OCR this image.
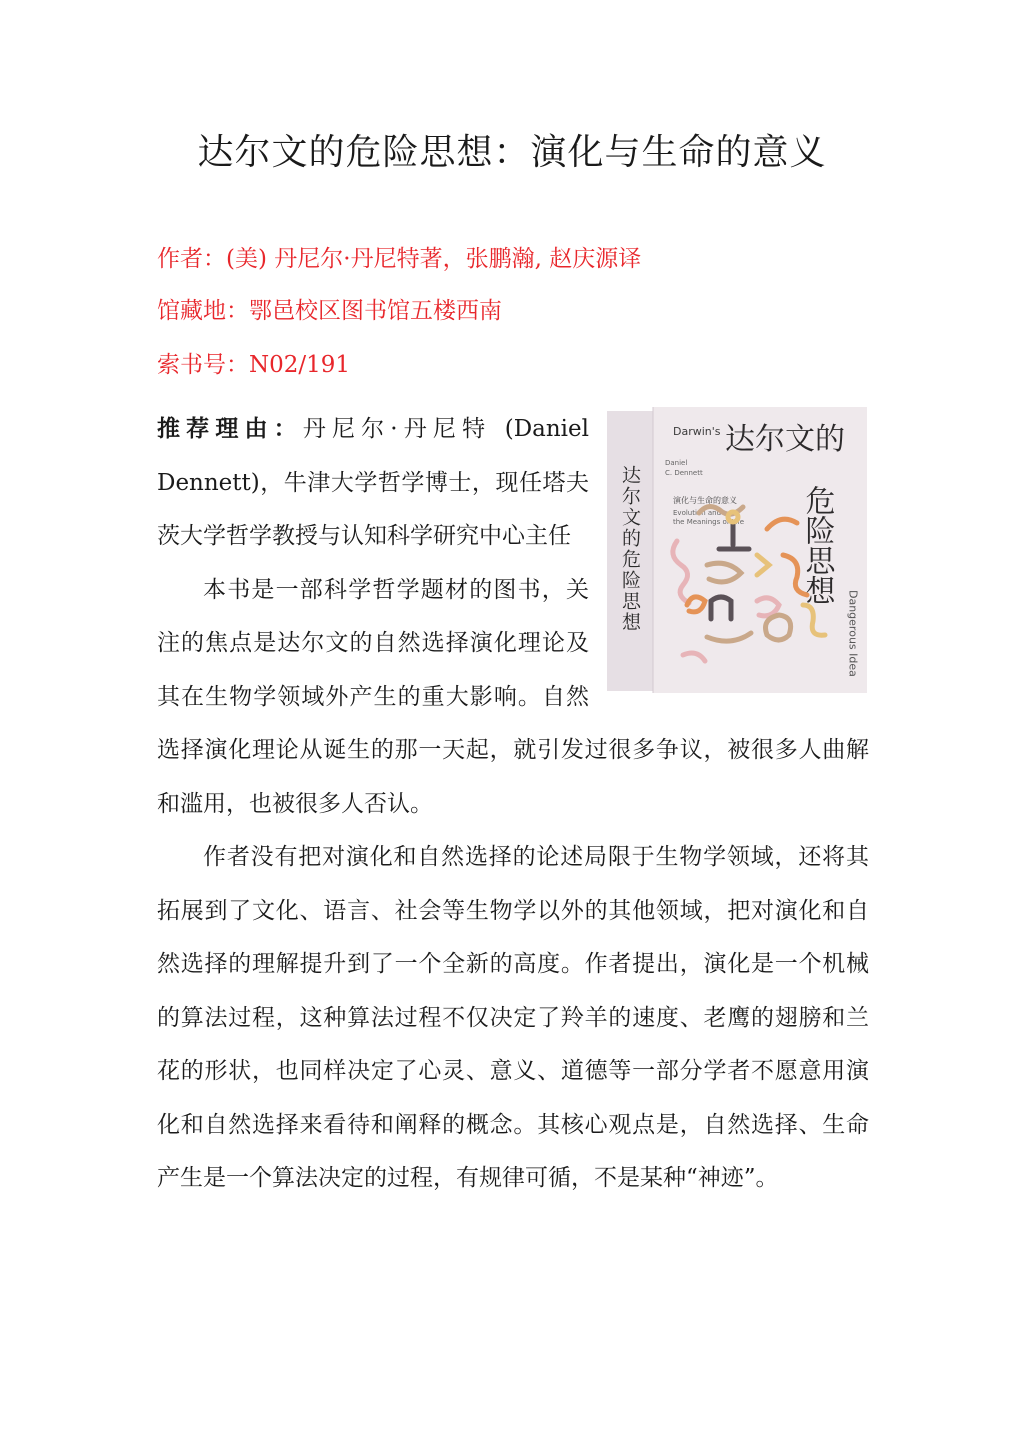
达尔文的危险思想：演化与生命的意义

作者：(美) 丹尼尔·丹尼特著，张鹏瀚, 赵庆源译

馆藏地：鄂邑校区图书馆五楼西南

索书号：N02/191

达尔文的危险思想
Darwin's
Daniel
C. Dennett
达尔文的
危险思想
演化与生命的意义
Evolution and
the Meanings of Life
Dangerous Idea

推荐理由：丹尼尔·丹尼特 (Daniel Dennett)，牛津大学哲学博士，现任塔夫茨大学哲学教授与认知科学研究中心主任

本书是一部科学哲学题材的图书，关注的焦点是达尔文的自然选择演化理论及其在生物学领域外产生的重大影响。自然选择演化理论从诞生的那一天起，就引发过很多争议，被很多人曲解和滥用，也被很多人否认。

作者没有把对演化和自然选择的论述局限于生物学领域，还将其拓展到了文化、语言、社会等生物学以外的其他领域，把对演化和自然选择的理解提升到了一个全新的高度。作者提出，演化是一个机械的算法过程，这种算法过程不仅决定了羚羊的速度、老鹰的翅膀和兰花的形状，也同样决定了心灵、意义、道德等一部分学者不愿意用演化和自然选择来看待和阐释的概念。其核心观点是，自然选择、生命产生是一个算法决定的过程，有规律可循，不是某种“神迹”。
